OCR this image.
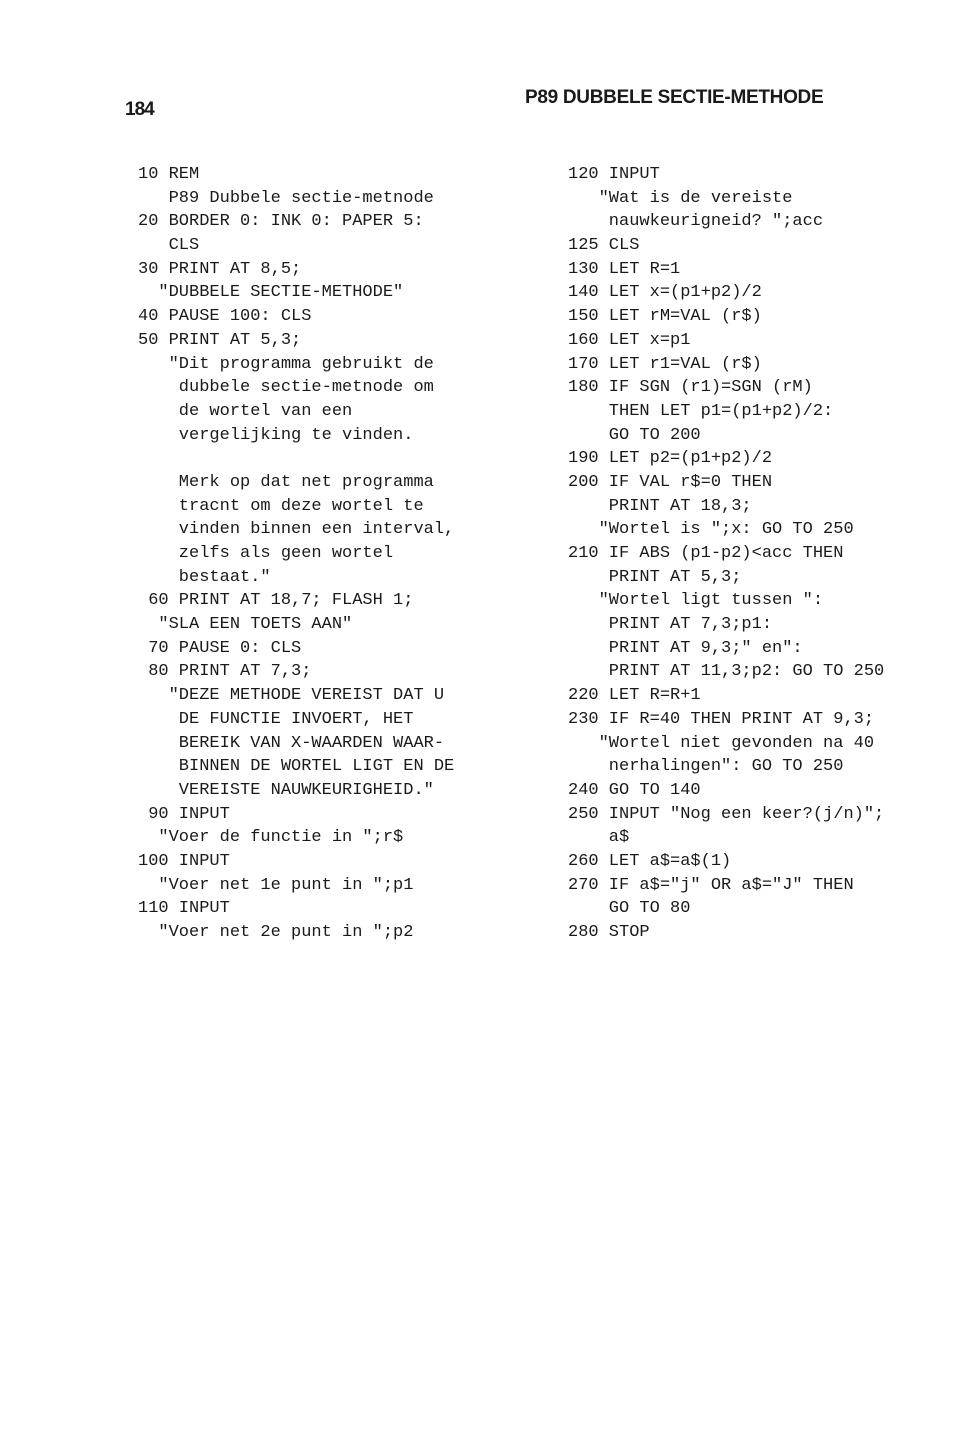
184
P89 DUBBELE SECTIE-METHODE
10 REM
P89 Dubbele sectie-metnode
20 BORDER 0: INK 0: PAPER 5:
CLS
30 PRINT AT 8,5;
"DUBBELE SECTIE-METHODE"
40 PAUSE 100: CLS
50 PRINT AT 5,3;
"Dit programma gebruikt de
dubbele sectie-metnode om
de wortel van een
vergelijking te vinden.
Merk op dat net programma
tracnt om deze wortel te
vinden binnen een interval,
zelfs als geen wortel
bestaat."
60 PRINT AT 18,7; FLASH 1;
"SLA EEN TOETS AAN"
70 PAUSE 0: CLS
80 PRINT AT 7,3;
"DEZE METHODE VEREIST DAT U
DE FUNCTIE INVOERT, HET
BEREIK VAN X-WAARDEN WAAR-
BINNEN DE WORTEL LIGT EN DE
VEREISTE NAUWKEURIGHEID."
90 INPUT
"Voer de functie in ";r$
100 INPUT
"Voer net 1e punt in ";p1
110 INPUT
"Voer net 2e punt in ";p2
120 INPUT
"Wat is de vereiste
nauwkeurigneid? ";acc
125 CLS
130 LET R=1
140 LET x=(p1+p2)/2
150 LET rM=VAL (r$)
160 LET x=p1
170 LET r1=VAL (r$)
180 IF SGN (r1)=SGN (rM)
THEN LET p1=(p1+p2)/2:
GO TO 200
190 LET p2=(p1+p2)/2
200 IF VAL r$=0 THEN
PRINT AT 18,3;
"Wortel is ";x: GO TO 250
210 IF ABS (p1-p2)<acc THEN
PRINT AT 5,3;
"Wortel ligt tussen ":
PRINT AT 7,3;p1:
PRINT AT 9,3;" en":
PRINT AT 11,3;p2: GO TO 250
220 LET R=R+1
230 IF R=40 THEN PRINT AT 9,3;
"Wortel niet gevonden na 40
nerhalingen": GO TO 250
240 GO TO 140
250 INPUT "Nog een keer?(j/n)";
a$
260 LET a$=a$(1)
270 IF a$="j" OR a$="J" THEN
GO TO 80
280 STOP
